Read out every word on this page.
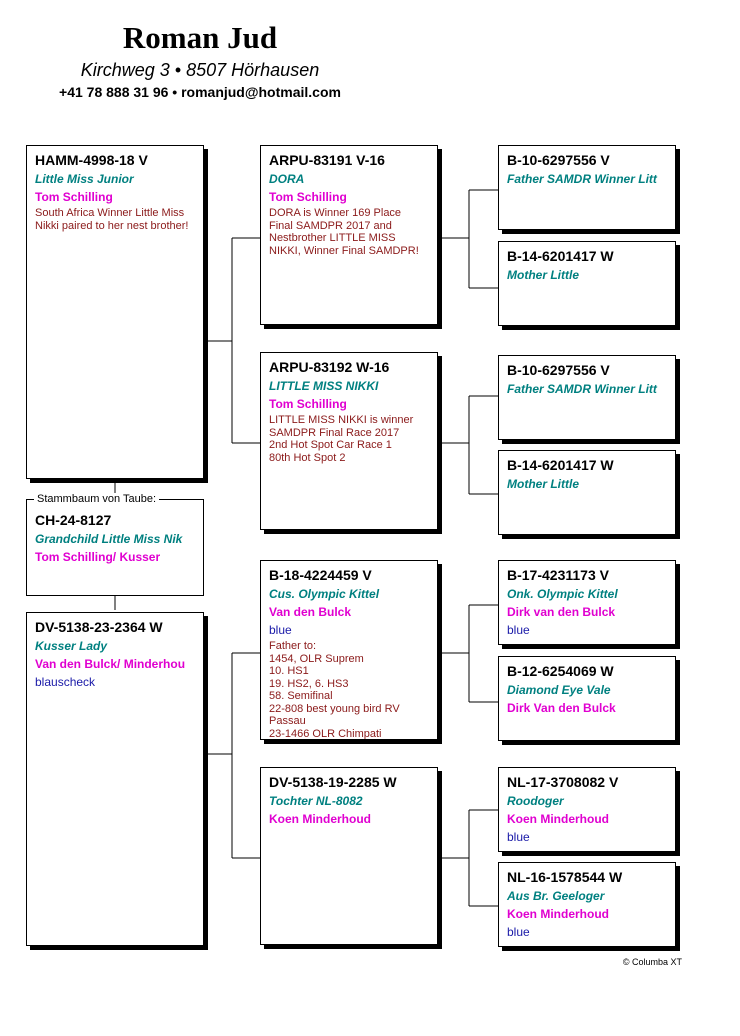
Roman Jud
Kirchweg 3 • 8507 Hörhausen
+41 78 888 31 96 • romanjud@hotmail.com
HAMM-4998-18 V
Little Miss Junior
Tom Schilling
South Africa Winner Little Miss
Nikki paired to her nest brother!
ARPU-83191 V-16
DORA
Tom Schilling
DORA is Winner 169 Place
Final SAMDPR 2017 and
Nestbrother LITTLE MISS
NIKKI, Winner Final SAMDPR!
ARPU-83192 W-16
LITTLE MISS NIKKI
Tom Schilling
LITTLE MISS NIKKI is winner
SAMDPR Final Race 2017
2nd Hot Spot Car Race 1
80th Hot Spot 2
B-10-6297556 V
Father SAMDR Winner Litt
B-14-6201417 W
Mother Little
B-10-6297556 V
Father SAMDR Winner Litt
B-14-6201417 W
Mother Little
Stammbaum von Taube:
CH-24-8127
Grandchild Little Miss Nik
Tom Schilling/ Kusser
DV-5138-23-2364 W
Kusser Lady
Van den Bulck/ Minderhou
blauscheck
B-18-4224459 V
Cus. Olympic Kittel
Van den Bulck
blue
Father to:
1454, OLR Suprem
10. HS1
19. HS2, 6. HS3
58. Semifinal
22-808 best young bird RV
Passau
23-1466 OLR Chimpati
DV-5138-19-2285 W
Tochter NL-8082
Koen Minderhoud
B-17-4231173 V
Onk. Olympic Kittel
Dirk van den Bulck
blue
B-12-6254069 W
Diamond Eye Vale
Dirk Van den Bulck
NL-17-3708082 V
Roodoger
Koen Minderhoud
blue
NL-16-1578544 W
Aus Br. Geeloger
Koen Minderhoud
blue
© Columba XT
